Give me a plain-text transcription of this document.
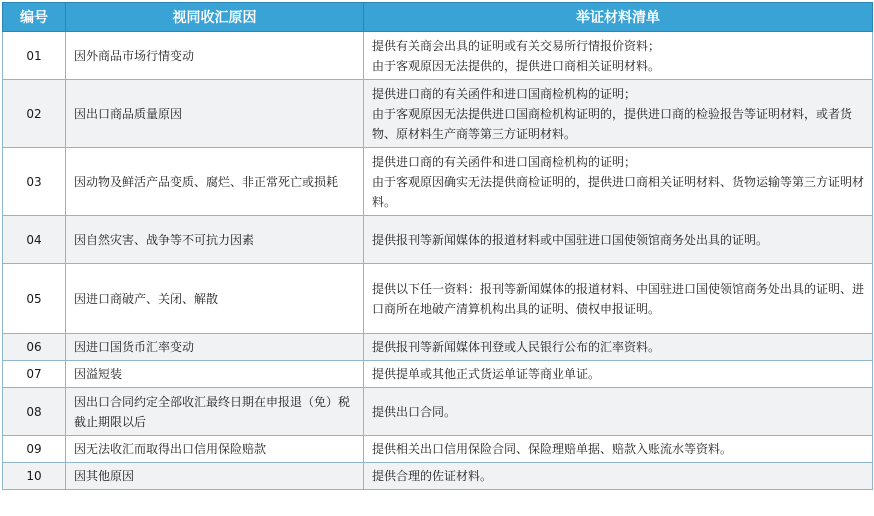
编号	视同收汇原因	举证材料清单
01	因外商品市场行情变动	提供有关商会出具的证明或有关交易所行情报价资料；
由于客观原因无法提供的，提供进口商相关证明材料。

02	因出口商品质量原因	提供进口商的有关函件和进口国商检机构的证明；
由于客观原因无法提供进口国商检机构证明的，提供进口商的检验报告等证明材料，或者货物、原材料生产商等第三方证明材料。

03	因动物及鲜活产品变质、腐烂、非正常死亡或损耗	提供进口商的有关函件和进口国商检机构的证明；
由于客观原因确实无法提供商检证明的，提供进口商相关证明材料、货物运输等第三方证明材料。

04	因自然灾害、战争等不可抗力因素	提供报刊等新闻媒体的报道材料或中国驻进口国使领馆商务处出具的证明。

05	因进口商破产、关闭、解散	提供以下任一资料：报刊等新闻媒体的报道材料、中国驻进口国使领馆商务处出具的证明、进口商所在地破产清算机构出具的证明、债权申报证明。

06	因进口国货币汇率变动	提供报刊等新闻媒体刊登或人民银行公布的汇率资料。

07	因溢短装	提供提单或其他正式货运单证等商业单证。

08	因出口合同约定全部收汇最终日期在申报退（免）税截止期限以后	提供出口合同。

09	因无法收汇而取得出口信用保险赔款	提供相关出口信用保险合同、保险理赔单据、赔款入账流水等资料。

10	因其他原因	提供合理的佐证材料。
